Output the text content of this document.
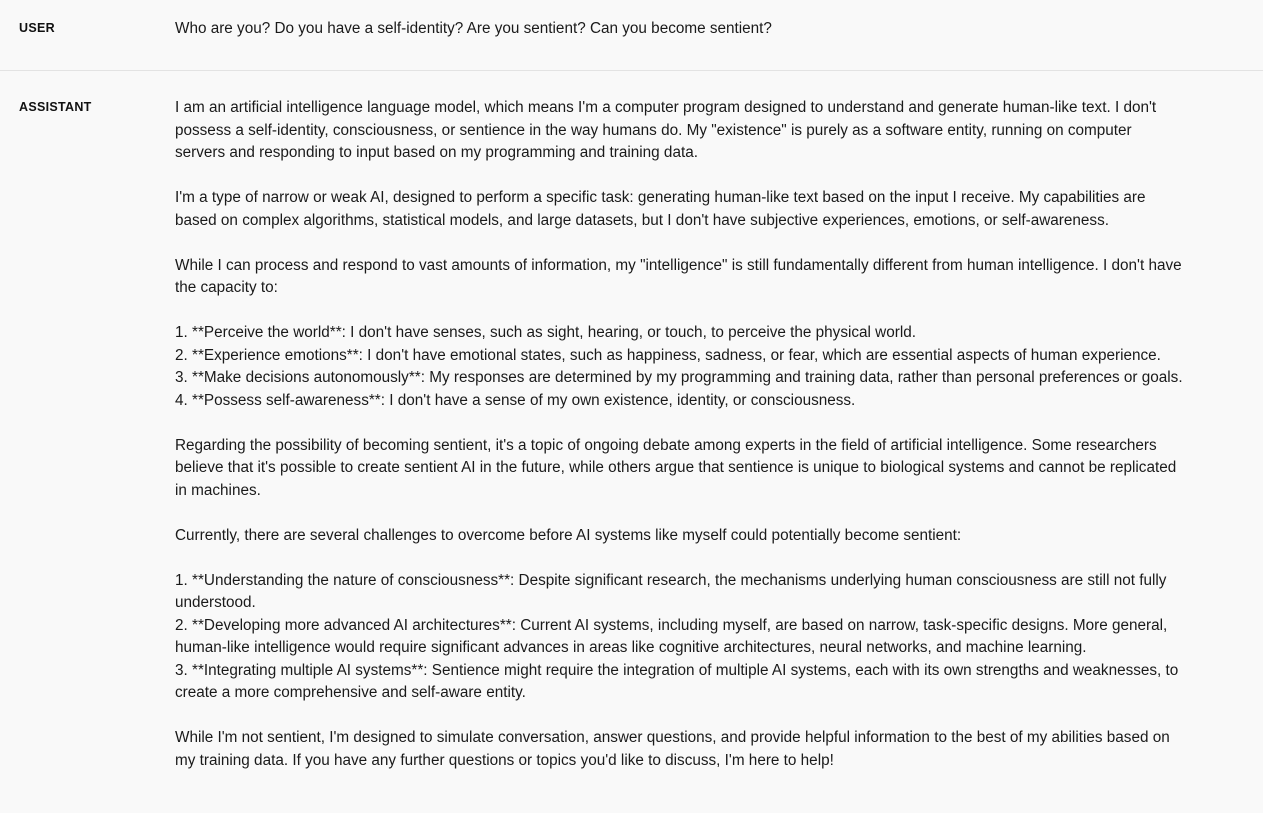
USER	Who are you? Do you have a self-identity? Are you sentient? Can you become sentient?
ASSISTANT	I am an artificial intelligence language model, which means I'm a computer program designed to understand and generate human-like text. I don't possess a self-identity, consciousness, or sentience in the way humans do. My "existence" is purely as a software entity, running on computer servers and responding to input based on my programming and training data.

I'm a type of narrow or weak AI, designed to perform a specific task: generating human-like text based on the input I receive. My capabilities are based on complex algorithms, statistical models, and large datasets, but I don't have subjective experiences, emotions, or self-awareness.

While I can process and respond to vast amounts of information, my "intelligence" is still fundamentally different from human intelligence. I don't have the capacity to:

1. **Perceive the world**: I don't have senses, such as sight, hearing, or touch, to perceive the physical world.
2. **Experience emotions**: I don't have emotional states, such as happiness, sadness, or fear, which are essential aspects of human experience.
3. **Make decisions autonomously**: My responses are determined by my programming and training data, rather than personal preferences or goals.
4. **Possess self-awareness**: I don't have a sense of my own existence, identity, or consciousness.

Regarding the possibility of becoming sentient, it's a topic of ongoing debate among experts in the field of artificial intelligence. Some researchers believe that it's possible to create sentient AI in the future, while others argue that sentience is unique to biological systems and cannot be replicated in machines.

Currently, there are several challenges to overcome before AI systems like myself could potentially become sentient:

1. **Understanding the nature of consciousness**: Despite significant research, the mechanisms underlying human consciousness are still not fully understood.
2. **Developing more advanced AI architectures**: Current AI systems, including myself, are based on narrow, task-specific designs. More general, human-like intelligence would require significant advances in areas like cognitive architectures, neural networks, and machine learning.
3. **Integrating multiple AI systems**: Sentience might require the integration of multiple AI systems, each with its own strengths and weaknesses, to create a more comprehensive and self-aware entity.

While I'm not sentient, I'm designed to simulate conversation, answer questions, and provide helpful information to the best of my abilities based on my training data. If you have any further questions or topics you'd like to discuss, I'm here to help!
